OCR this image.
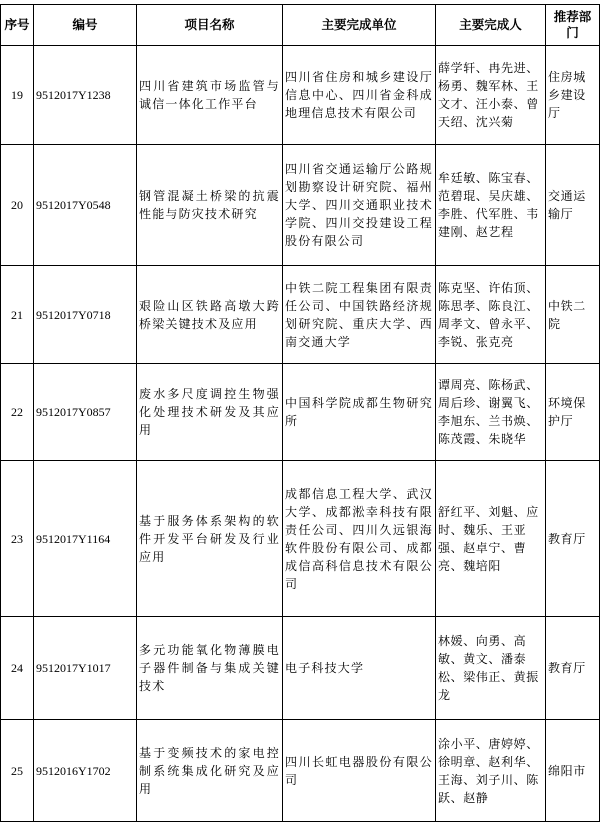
序号	编号	项目名称	主要完成单位	主要完成人	推荐部门
19	9512017Y1238	四川省建筑市场监管与诚信一体化工作平台	四川省住房和城乡建设厅信息中心、四川省金科成地理信息技术有限公司	薛学轩、冉先进、杨勇、魏军林、王文才、汪小泰、曾天绍、沈兴菊	住房城乡建设厅
20	9512017Y0548	钢管混凝土桥梁的抗震性能与防灾技术研究	四川省交通运输厅公路规划勘察设计研究院、福州大学、四川交通职业技术学院、四川交投建设工程股份有限公司	牟廷敏、陈宝春、范碧琨、吴庆雄、李胜、代军胜、韦建刚、赵艺程	交通运输厅
21	9512017Y0718	艰险山区铁路高墩大跨桥梁关键技术及应用	中铁二院工程集团有限责任公司、中国铁路经济规划研究院、重庆大学、西南交通大学	陈克坚、许佑顶、陈思孝、陈良江、周孝文、曾永平、李锐、张克亮	中铁二院
22	9512017Y0857	废水多尺度调控生物强化处理技术研发及其应用	中国科学院成都生物研究所	谭周亮、陈杨武、周后珍、谢翼飞、李旭东、兰书焕、陈茂霞、朱晓华	环境保护厅
23	9512017Y1164	基于服务体系架构的软件开发平台研发及行业应用	成都信息工程大学、武汉大学、成都淞幸科技有限责任公司、四川久远银海软件股份有限公司、成都成信高科信息技术有限公司	舒红平、刘魁、应时、魏乐、王亚强、赵卓宁、曹亮、魏培阳	教育厅
24	9512017Y1017	多元功能氧化物薄膜电子器件制备与集成关键技术	电子科技大学	林媛、向勇、高敏、黄文、潘泰松、梁伟正、黄振龙	教育厅
25	9512016Y1702	基于变频技术的家电控制系统集成化研究及应用	四川长虹电器股份有限公司	涂小平、唐婷婷、徐明章、赵利华、王海、刘子川、陈跃、赵静	绵阳市
